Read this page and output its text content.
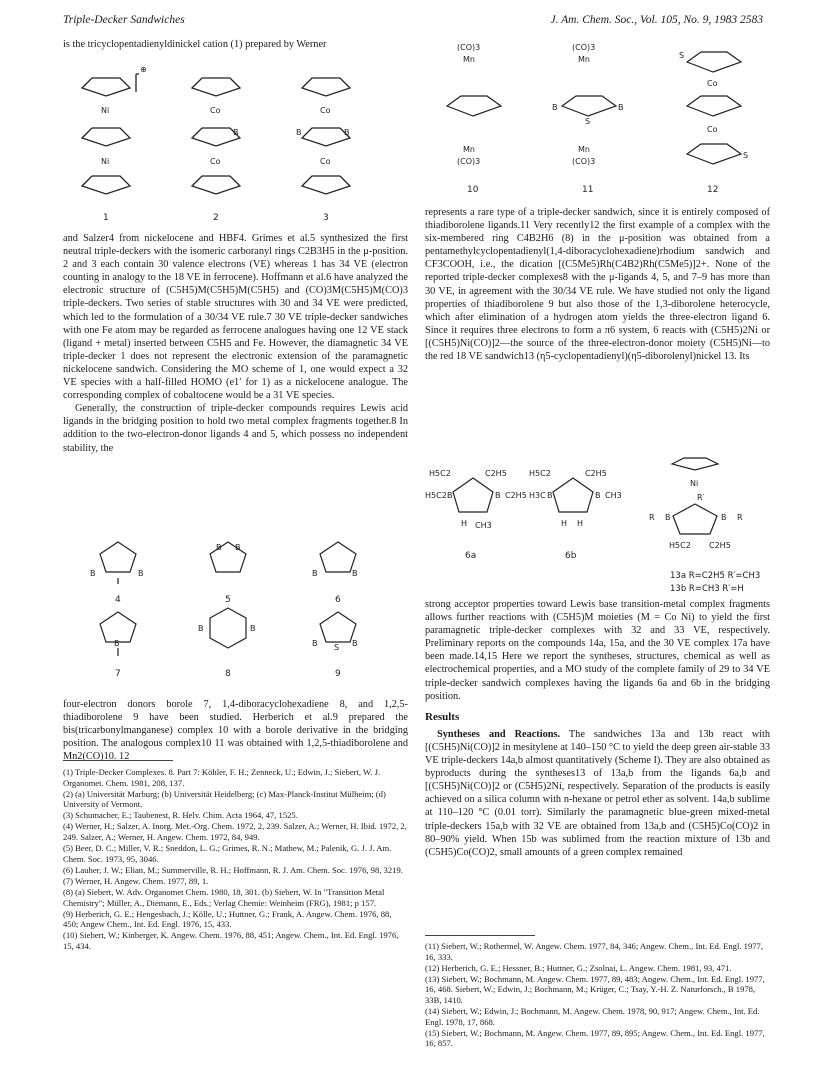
Triple-Decker Sandwiches	J. Am. Chem. Soc., Vol. 105, No. 9, 1983 2583

is the tricyclopentadienyldinickel cation (1) prepared by Werner

⊕
Ni
Ni
Co
Co
Co
Co
B	B	B
1	2	3

and Salzer4 from nickelocene and HBF4. Grimes et al.5 synthesized the first neutral triple-deckers with the isomeric carboranyl rings C2B3H5 in the μ-position. 2 and 3 each contain 30 valence electrons (VE) whereas 1 has 34 VE (electron counting in analogy to the 18 VE in ferrocene). Hoffmann et al.6 have analyzed the electronic structure of (C5H5)M(C5H5)M(C5H5) and (CO)3M(C5H5)M(CO)3 triple-deckers. Two series of stable structures with 30 and 34 VE were predicted, which led to the formulation of a 30/34 VE rule.7 30 VE triple-decker sandwiches with one Fe atom may be regarded as ferrocene analogues having one 12 VE stack (ligand + metal) inserted between C5H5 and Fe. However, the diamagnetic 34 VE triple-decker 1 does not represent the electronic extension of the paramagnetic nickelocene sandwich. Considering the MO scheme of 1, one would expect a 32 VE species with a half-filled HOMO (e1′ for 1) as a nickelocene analogue. The corresponding complex of cobaltocene would be a 31 VE species.

Generally, the construction of triple-decker compounds requires Lewis acid ligands in the bridging position to hold two metal complex fragments together.8 In addition to the two-electron-donor ligands 4 and 5, which possess no independent stability, the

B	B
B B
B	B
B
B	B
B	B
S
4	5	6
7	8	9

four-electron donors borole 7, 1,4-diboracyclohexadiene 8, and 1,2,5-thiadiborolene 9 have been studied. Herberich et al.9 prepared the bis(tricarbonylmanganese) complex 10 with a borole derivative in the bridging position. The analogous complex10 11 was obtained with 1,2,5-thiadiborolene and Mn2(CO)10. 12

(1) Triple-Decker Complexes. 8. Part 7: Köhler, F. H.; Zenneck, U.; Edwin, J.; Siebert, W. J. Organomet. Chem. 1981, 208, 137.
(2) (a) Universität Marburg; (b) Universität Heidelberg; (c) Max-Planck-Institut Mülheim; (d) University of Vermont.
(3) Schumacher, E.; Taubenest, R. Helv. Chim. Acta 1964, 47, 1525.
(4) Werner, H.; Salzer, A. Inorg. Met.-Org. Chem. 1972, 2, 239. Salzer, A.; Werner, H. Ibid. 1972, 2, 249. Salzer, A.; Werner, H. Angew. Chem. 1972, 84, 949.
(5) Beer, D. C.; Miller, V. R.; Sneddon, L. G.; Grimes, R. N.; Mathew, M.; Palenik, G. J. J. Am. Chem. Soc. 1973, 95, 3046.
(6) Lauher, J. W.; Elian, M.; Summerville, R. H.; Hoffmann, R. J. Am. Chem. Soc. 1976, 98, 3219.
(7) Werner, H. Angew. Chem. 1977, 89, 1.
(8) (a) Siebert, W. Adv. Organomet Chem. 1980, 18, 301. (b) Siebert, W. In "Transition Metal Chemistry"; Müller, A., Diemann, E., Eds.; Verlag Chemie: Weinheim (FRG), 1981; p 157.
(9) Herberich, G. E.; Hengesbach, J.; Kölle, U.; Huttner, G.; Frank, A. Angew. Chem. 1976, 88, 450; Angew Chem., Int. Ed. Engl. 1976, 15, 433.
(10) Siebert, W.; Kinberger, K. Angew. Chem. 1976, 88, 451; Angew. Chem., Int. Ed. Engl. 1976, 15, 434.
(CO)3
Mn
Mn
(CO)3
(CO)3
Mn
Mn
(CO)3
B	B
S
Co
Co
S
S
10	11	12

represents a rare type of a triple-decker sandwich, since it is entirely composed of thiadiborolene ligands.11 Very recently12 the first example of a complex with the six-membered ring C4B2H6 (8) in the μ-position was obtained from a pentamethylcyclopentadienyl(1,4-diboracyclohexadiene)rhodium sandwich and CF3COOH, i.e., the dication [(C5Me5)Rh(C4B2)Rh(C5Me5)]2+. None of the reported triple-decker complexes8 with the μ-ligands 4, 5, and 7–9 has more than 30 VE, in agreement with the 30/34 VE rule. We have studied not only the ligand properties of thiadiborolene 9 but also those of the 1,3-diborolene heterocycle, which after elimination of a hydrogen atom yields the three-electron ligand 6. Since it requires three electrons to form a π6 system, 6 reacts with (C5H5)2Ni or [(C5H5)Ni(CO)]2—the source of the three-electron-donor moiety (C5H5)Ni—to the red 18 VE sandwich13 (η5-cyclopentadienyl)(η5-diborolenyl)nickel 13. Its

H5C2	C2H5
H5C2 B	B C2H5
H CH3
H5C2	C2H5
H3C B	B CH3
H H
Ni
R′
R B	B R
H5C2 C2H5
6a	6b
13a R=C2H5 R′=CH3
13b R=CH3 R′=H

strong acceptor properties toward Lewis base transition-metal complex fragments allows further reactions with (C5H5)M moieties (M = Co Ni) to yield the first paramagnetic triple-decker complexes with 32 and 33 VE, respectively. Preliminary reports on the compounds 14a, 15a, and the 30 VE complex 17a have been made.14,15 Here we report the syntheses, structures, chemical as well as electrochemical properties, and a MO study of the complete family of 29 to 34 VE triple-decker sandwich complexes having the ligands 6a and 6b in the bridging position.

Results

Syntheses and Reactions. The sandwiches 13a and 13b react with [(C5H5)Ni(CO)]2 in mesitylene at 140–150 °C to yield the deep green air-stable 33 VE triple-deckers 14a,b almost quantitatively (Scheme I). They are also obtained as byproducts during the syntheses13 of 13a,b from the ligands 6a,b and [(C5H5)Ni(CO)]2 or (C5H5)2Ni, respectively. Separation of the products is easily achieved on a silica column with n-hexane or petrol ether as solvent. 14a,b sublime at 110–120 °C (0.01 torr). Similarly the paramagnetic blue-green mixed-metal triple-deckers 15a,b with 32 VE are obtained from 13a,b and (C5H5)Co(CO)2 in 80–90% yield. When 15b was sublimed from the reaction mixture of 13b and (C5H5)Co(CO)2, small amounts of a green complex remained

(11) Siebert, W.; Rothermel, W. Angew. Chem. 1977, 84, 346; Angew. Chem., Int. Ed. Engl. 1977, 16, 333.
(12) Herberich, G. E.; Hessner, B.; Huttner, G.; Zsolnai, L. Angew. Chem. 1981, 93, 471.
(13) Siebert, W.; Bochmann, M. Angew. Chem. 1977, 89, 483; Angew. Chem., Int. Ed. Engl. 1977, 16, 468. Siebert, W.; Edwin, J.; Bochmann, M.; Krüger, C.; Tsay, Y.-H. Z. Naturforsch., B 1978, 33B, 1410.
(14) Siebert, W.; Edwin, J.; Bochmann, M. Angew. Chem. 1978, 90, 917; Angew. Chem., Int. Ed. Engl. 1978, 17, 868.
(15) Siebert, W.; Bochmann, M. Angew. Chem. 1977, 89, 895; Angew. Chem., Int. Ed. Engl. 1977, 16, 857.
